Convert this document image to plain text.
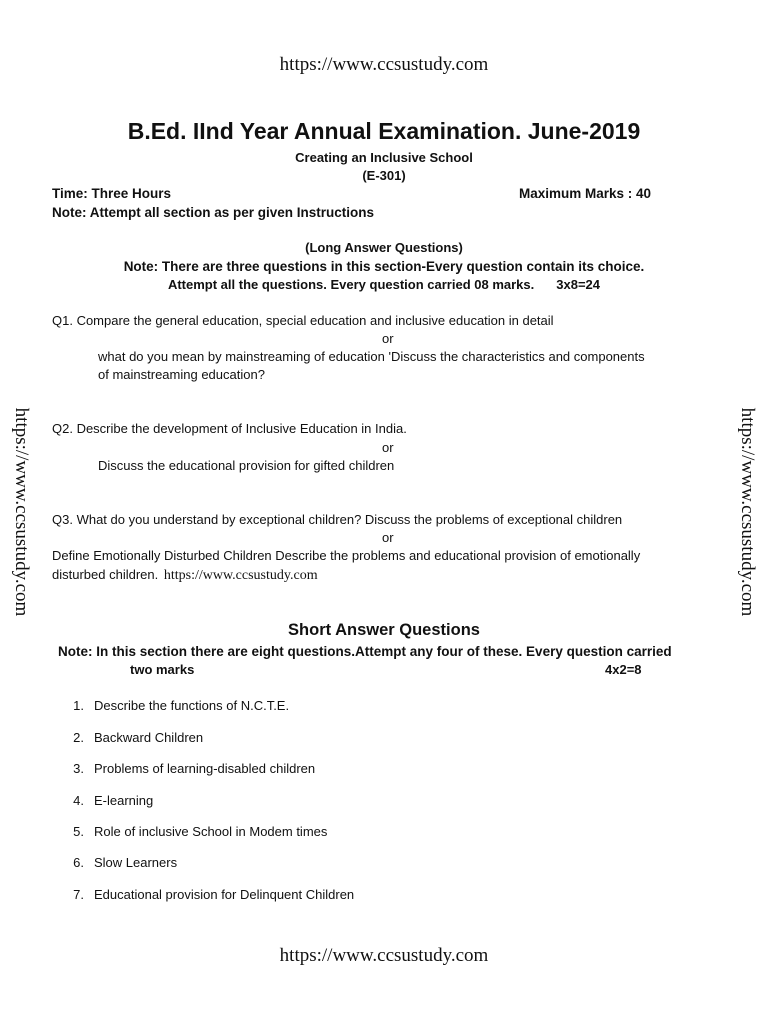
https://www.ccsustudy.com
https://www.ccsustudy.com	https://www.ccsustudy.com
https://www.ccsustudy.com
B.Ed. IInd Year Annual Examination. June-2019
Creating an Inclusive School
(E-301)
Time: Three Hours	Maximum Marks : 40
Note: Attempt all section as per given Instructions
(Long Answer Questions)
Note: There are three questions in this section-Every question contain its choice.
Attempt all the questions. Every question carried 08 marks. 3x8=24
Q1. Compare the general education, special education and inclusive education in detail
or
what do you mean by mainstreaming of education 'Discuss the characteristics and components
of mainstreaming education?
Q2. Describe the development of Inclusive Education in India.
or
Discuss the educational provision for gifted children
Q3. What do you understand by exceptional children? Discuss the problems of exceptional children
or
Define Emotionally Disturbed Children Describe the problems and educational provision of emotionally
disturbed children. https://www.ccsustudy.com
Short Answer Questions
Note: In this section there are eight questions.Attempt any four of these. Every question carried
two marks	4x2=8
1. Describe the functions of N.C.T.E.
2. Backward Children
3. Problems of learning-disabled children
4. E-learning
5. Role of inclusive School in Modem times
6. Slow Learners
7. Educational provision for Delinquent Children
